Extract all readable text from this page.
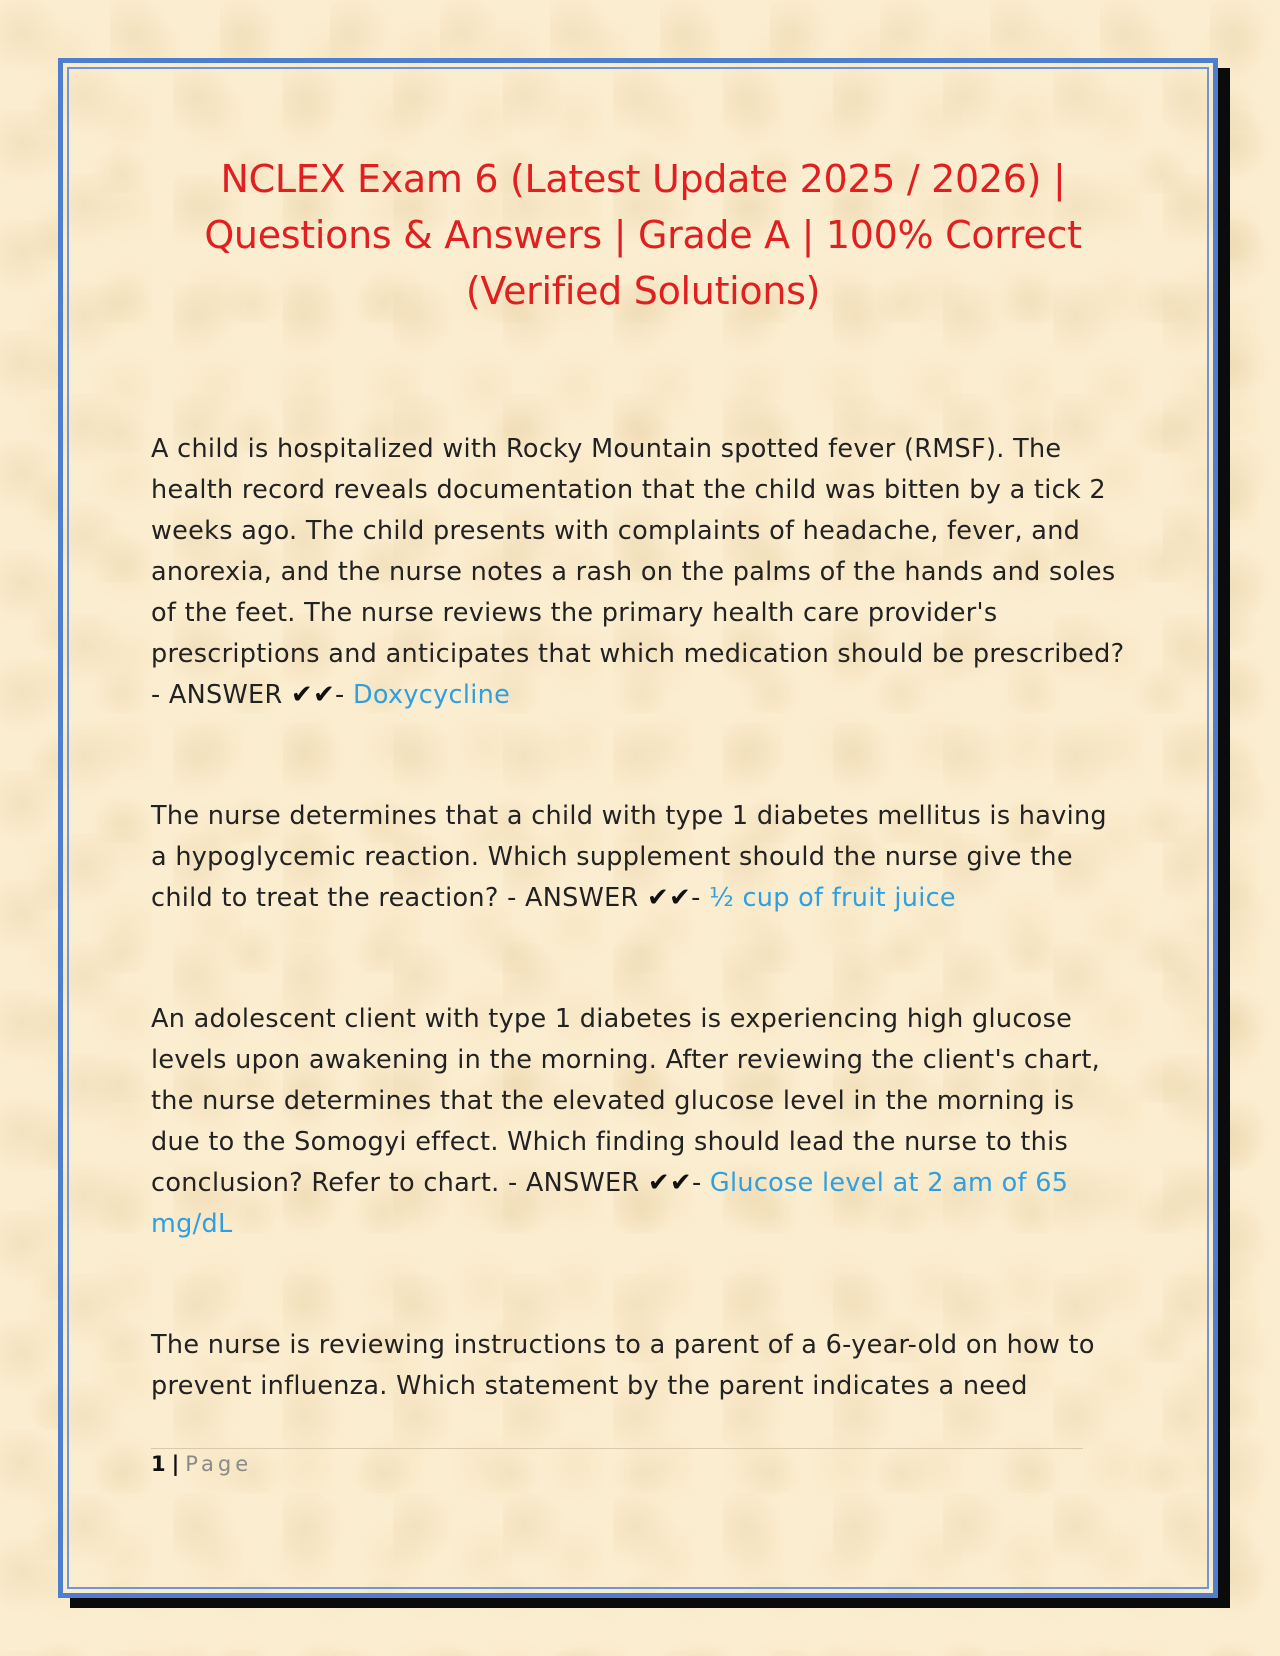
NCLEX Exam 6 (Latest Update 2025 / 2026) | Questions & Answers | Grade A | 100% Correct (Verified Solutions)

A child is hospitalized with Rocky Mountain spotted fever (RMSF). The health record reveals documentation that the child was bitten by a tick 2 weeks ago. The child presents with complaints of headache, fever, and anorexia, and the nurse notes a rash on the palms of the hands and soles of the feet. The nurse reviews the primary health care provider's prescriptions and anticipates that which medication should be prescribed? - ANSWER ✔✔- Doxycycline

The nurse determines that a child with type 1 diabetes mellitus is having a hypoglycemic reaction. Which supplement should the nurse give the child to treat the reaction? - ANSWER ✔✔- ½ cup of fruit juice

An adolescent client with type 1 diabetes is experiencing high glucose levels upon awakening in the morning. After reviewing the client's chart, the nurse determines that the elevated glucose level in the morning is due to the Somogyi effect. Which finding should lead the nurse to this conclusion? Refer to chart. - ANSWER ✔✔- Glucose level at 2 am of 65 mg/dL

The nurse is reviewing instructions to a parent of a 6-year-old on how to prevent influenza. Which statement by the parent indicates a need

1 | Page
